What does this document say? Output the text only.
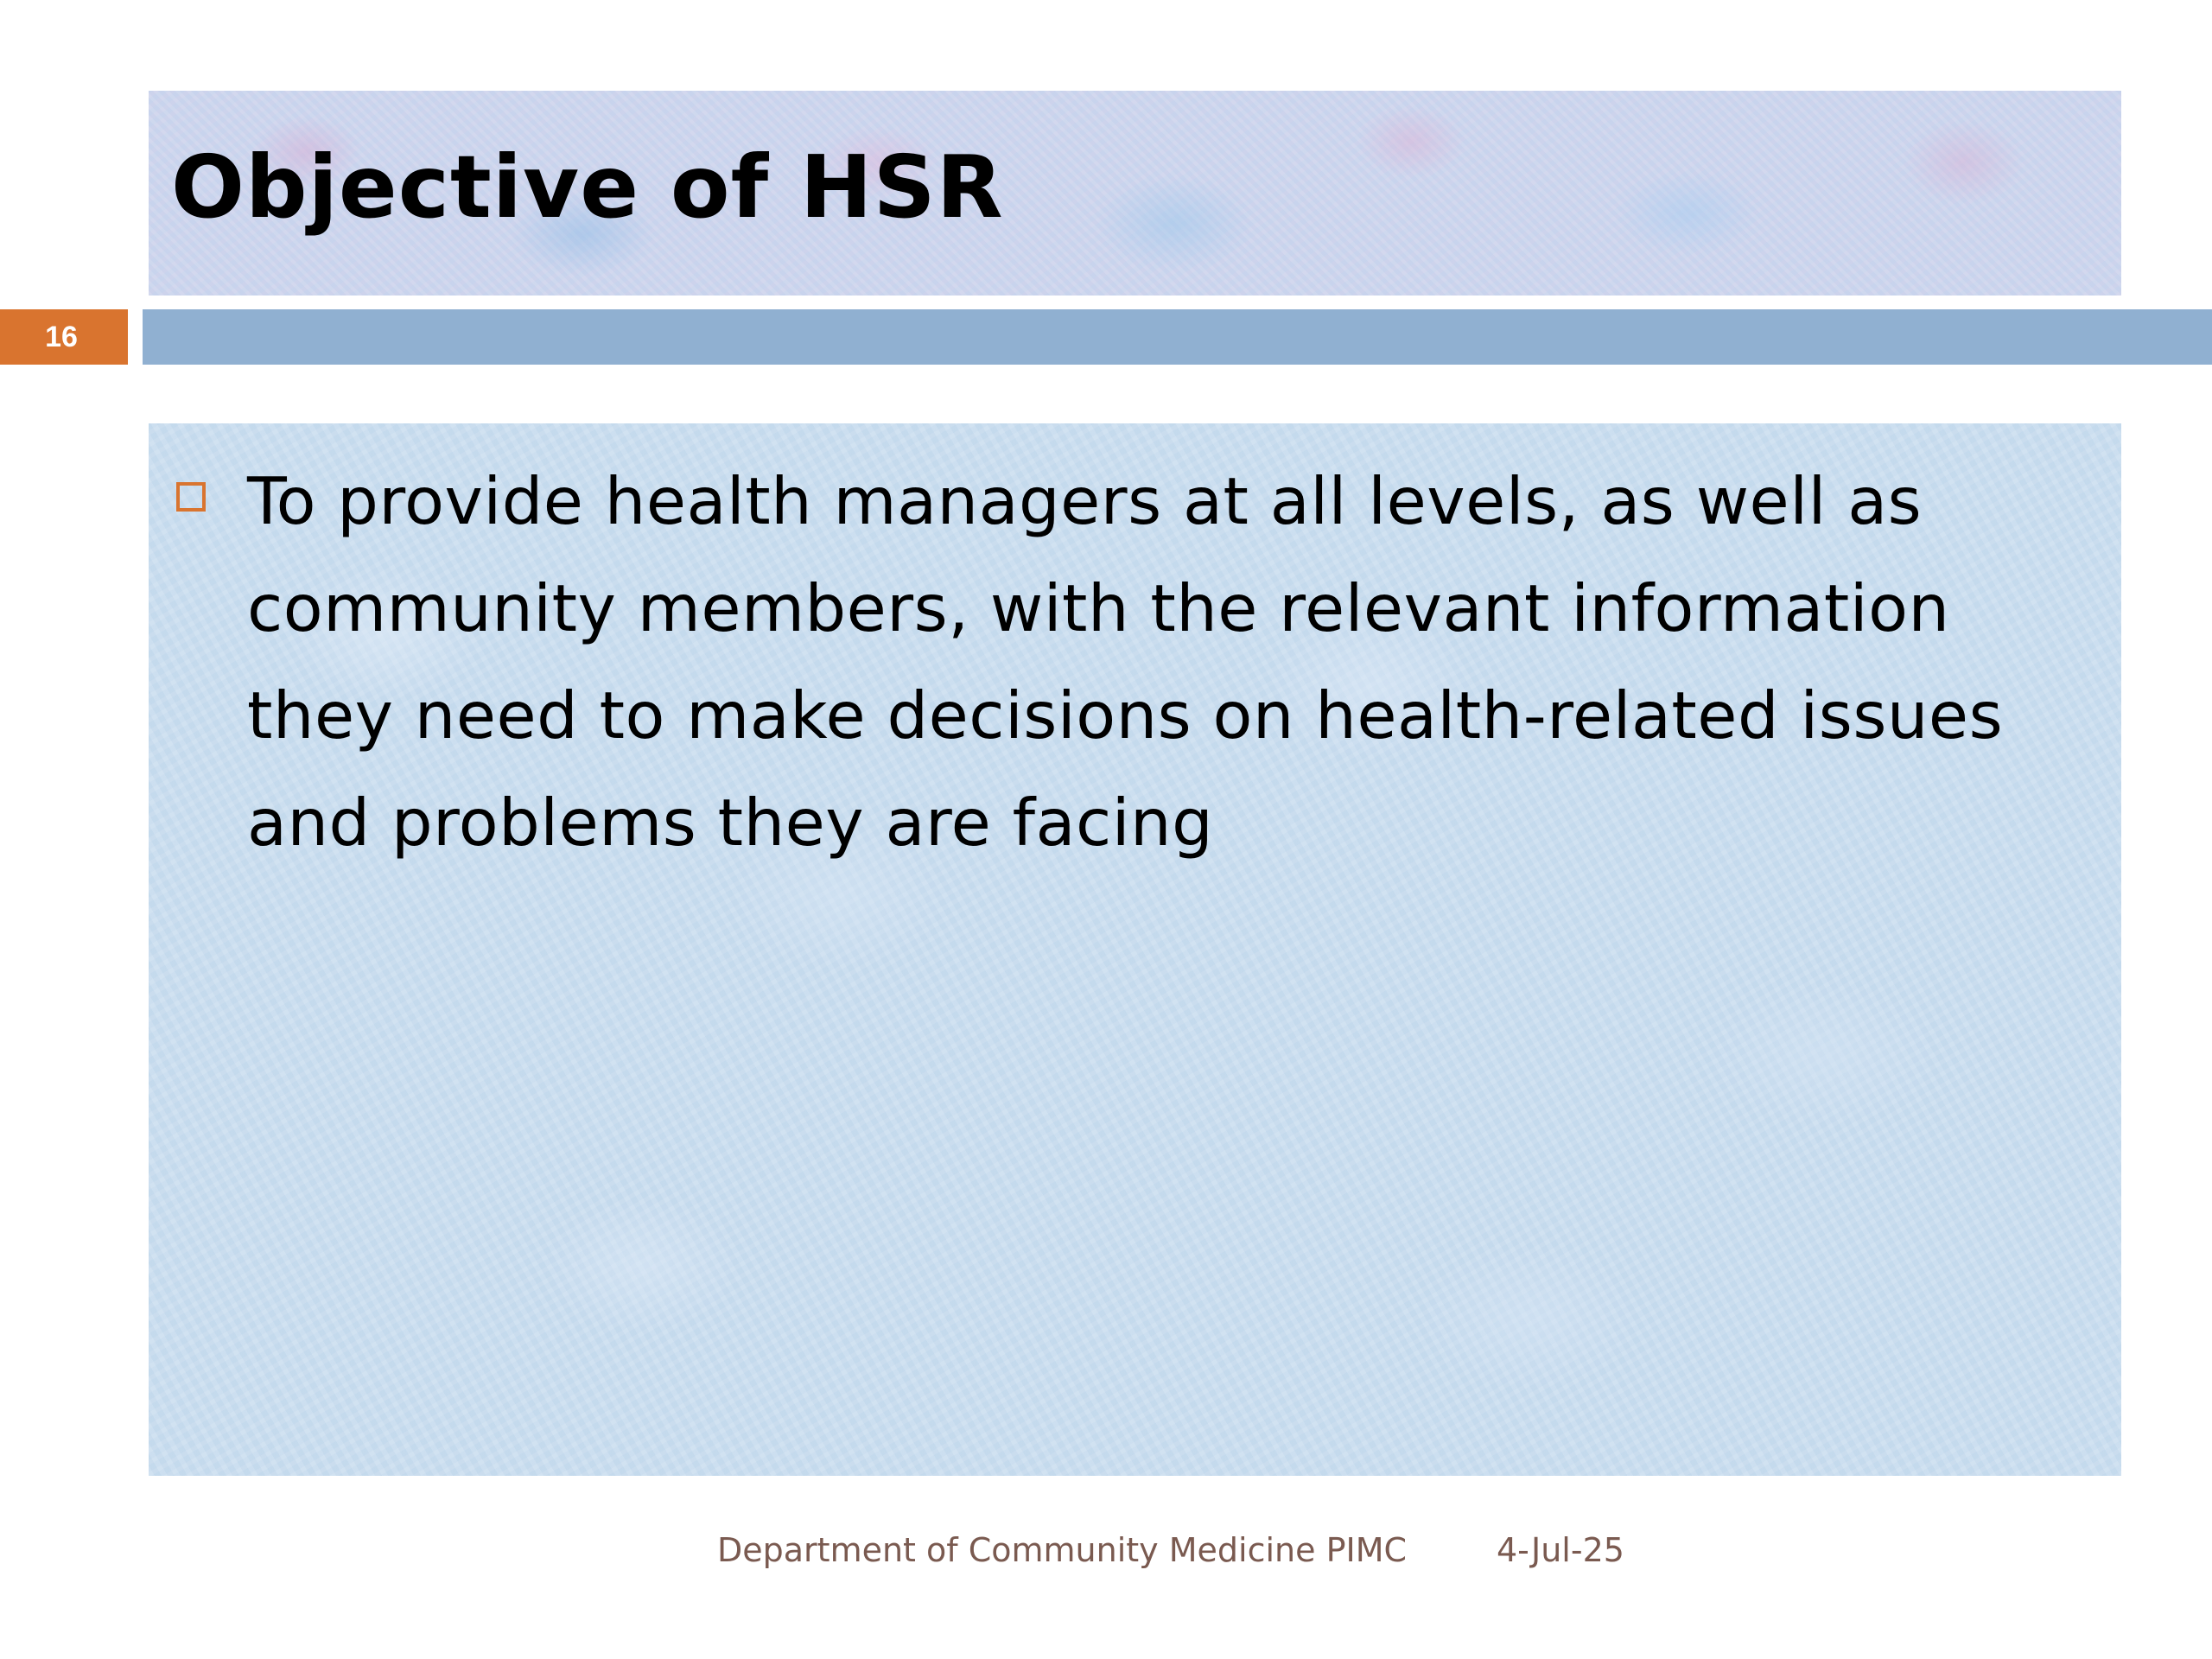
Objective of HSR
16

To provide health managers at all levels, as well as community members, with the relevant information they need to make decisions on health-related issues and problems they are facing

Department of Community Medicine PIMC	4-Jul-25
